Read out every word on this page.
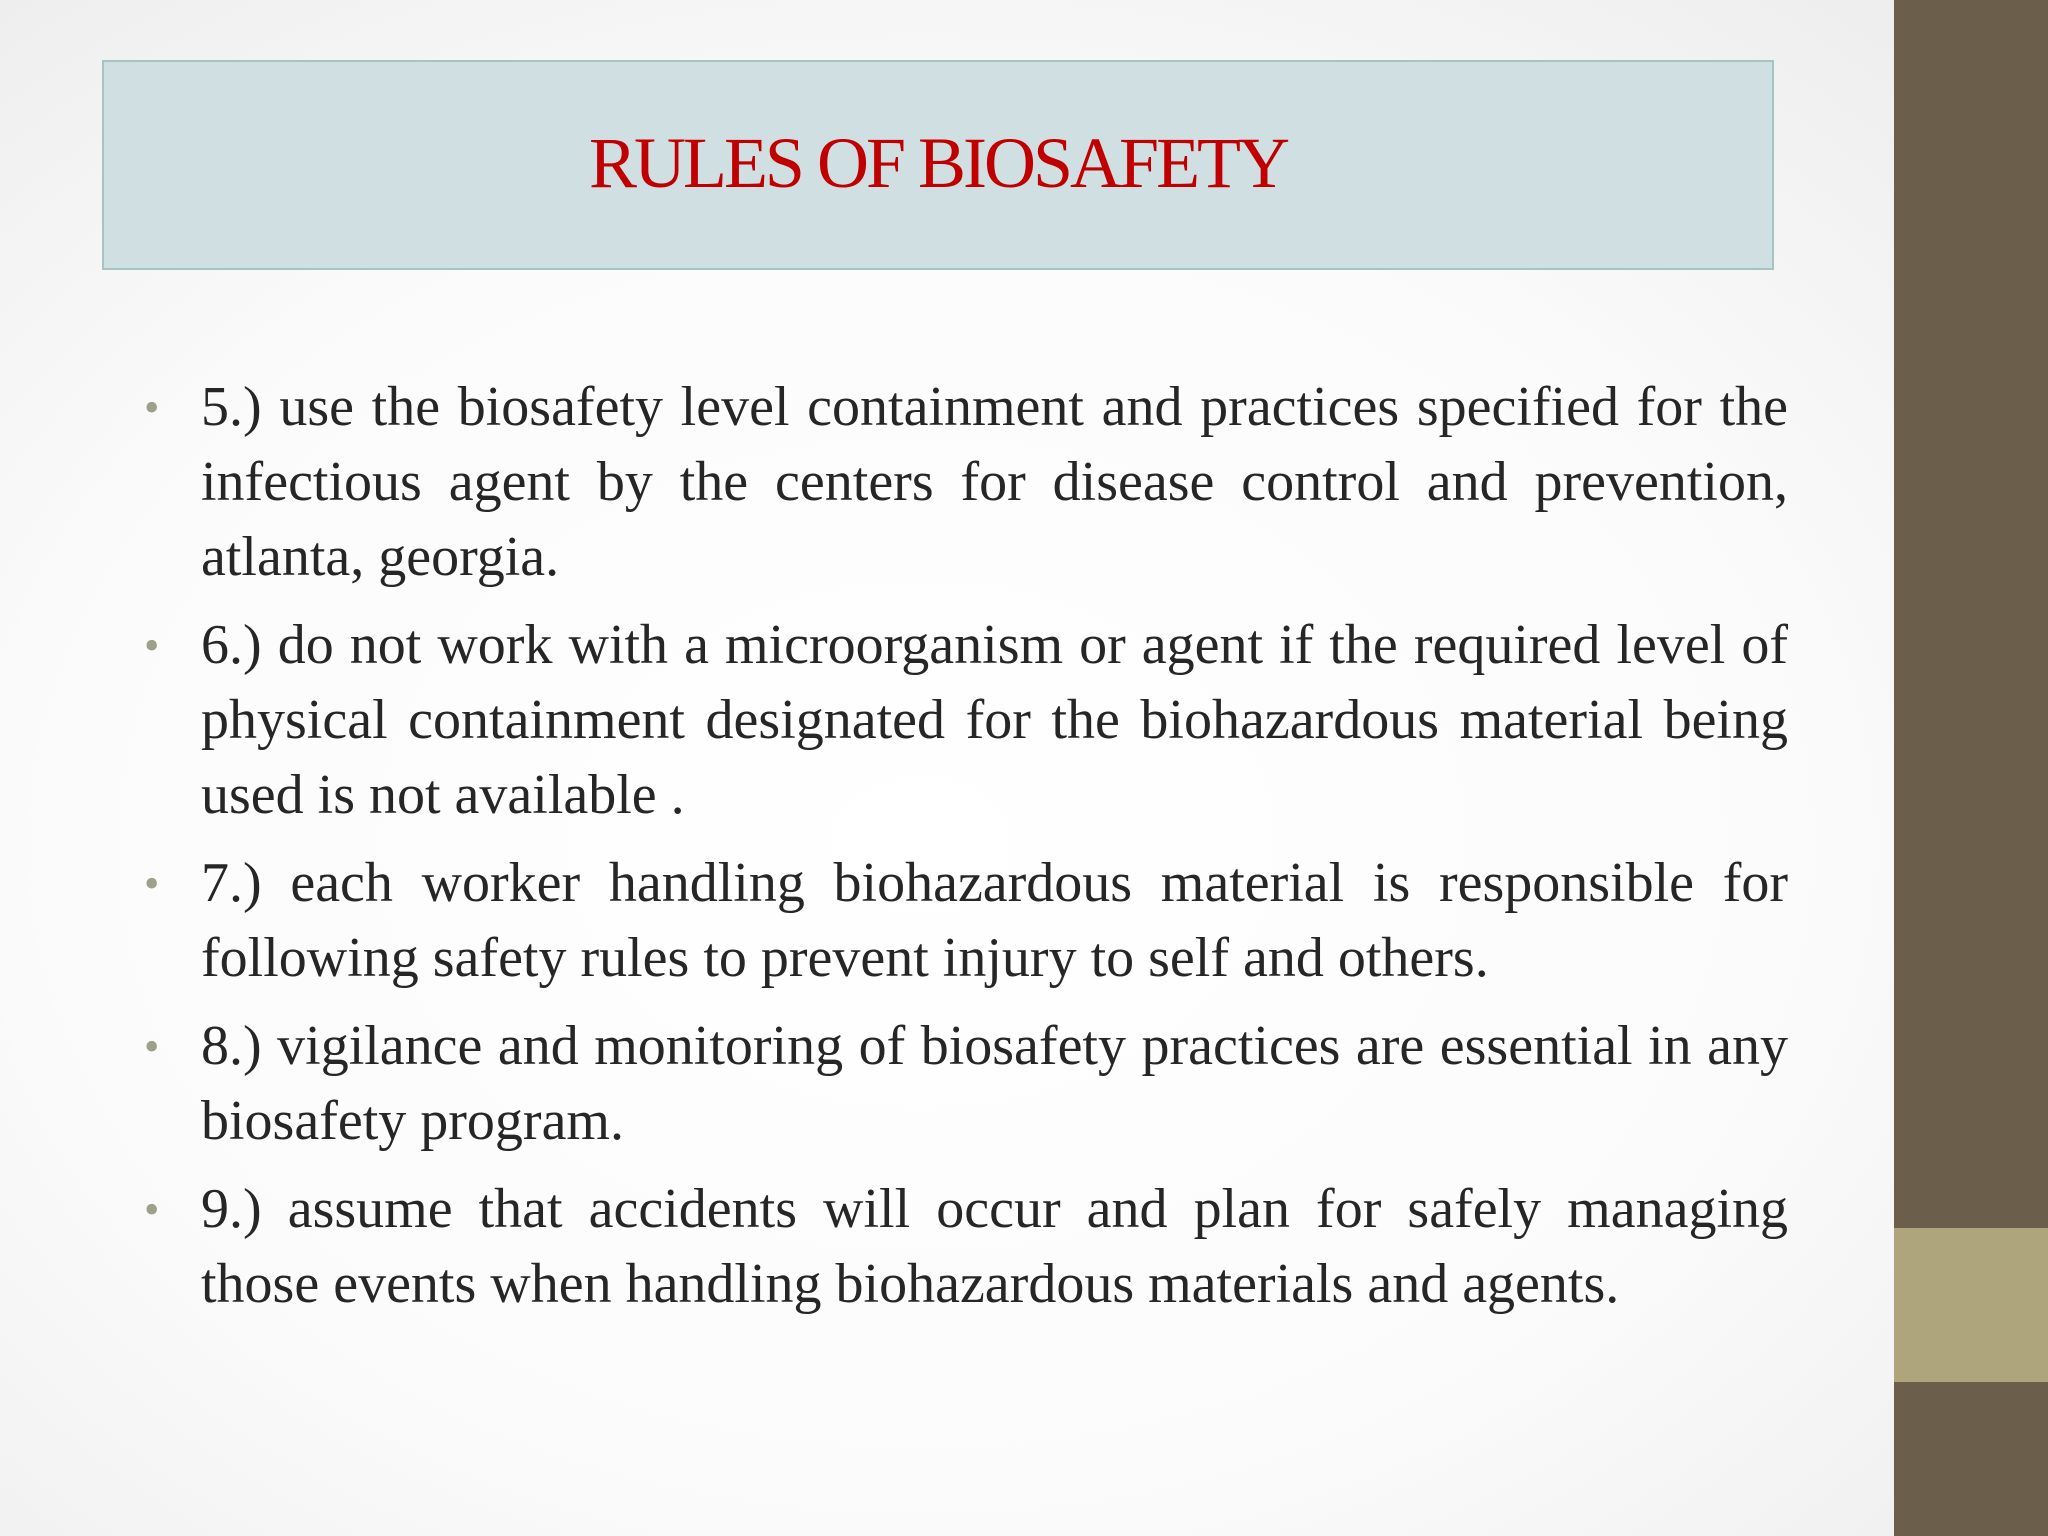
RULES OF BIOSAFETY
• 5.) use the biosafety level containment and practices specified for the infectious agent by the centers for disease control and prevention, atlanta, georgia.
• 6.) do not work with a microorganism or agent if the required level of physical containment designated for the biohazardous material being used is not available .
• 7.) each worker handling biohazardous material is responsible for following safety rules to prevent injury to self and others.
• 8.) vigilance and monitoring of biosafety practices are essential in any biosafety program.
• 9.) assume that accidents will occur and plan for safely managing those events when handling biohazardous materials and agents.
